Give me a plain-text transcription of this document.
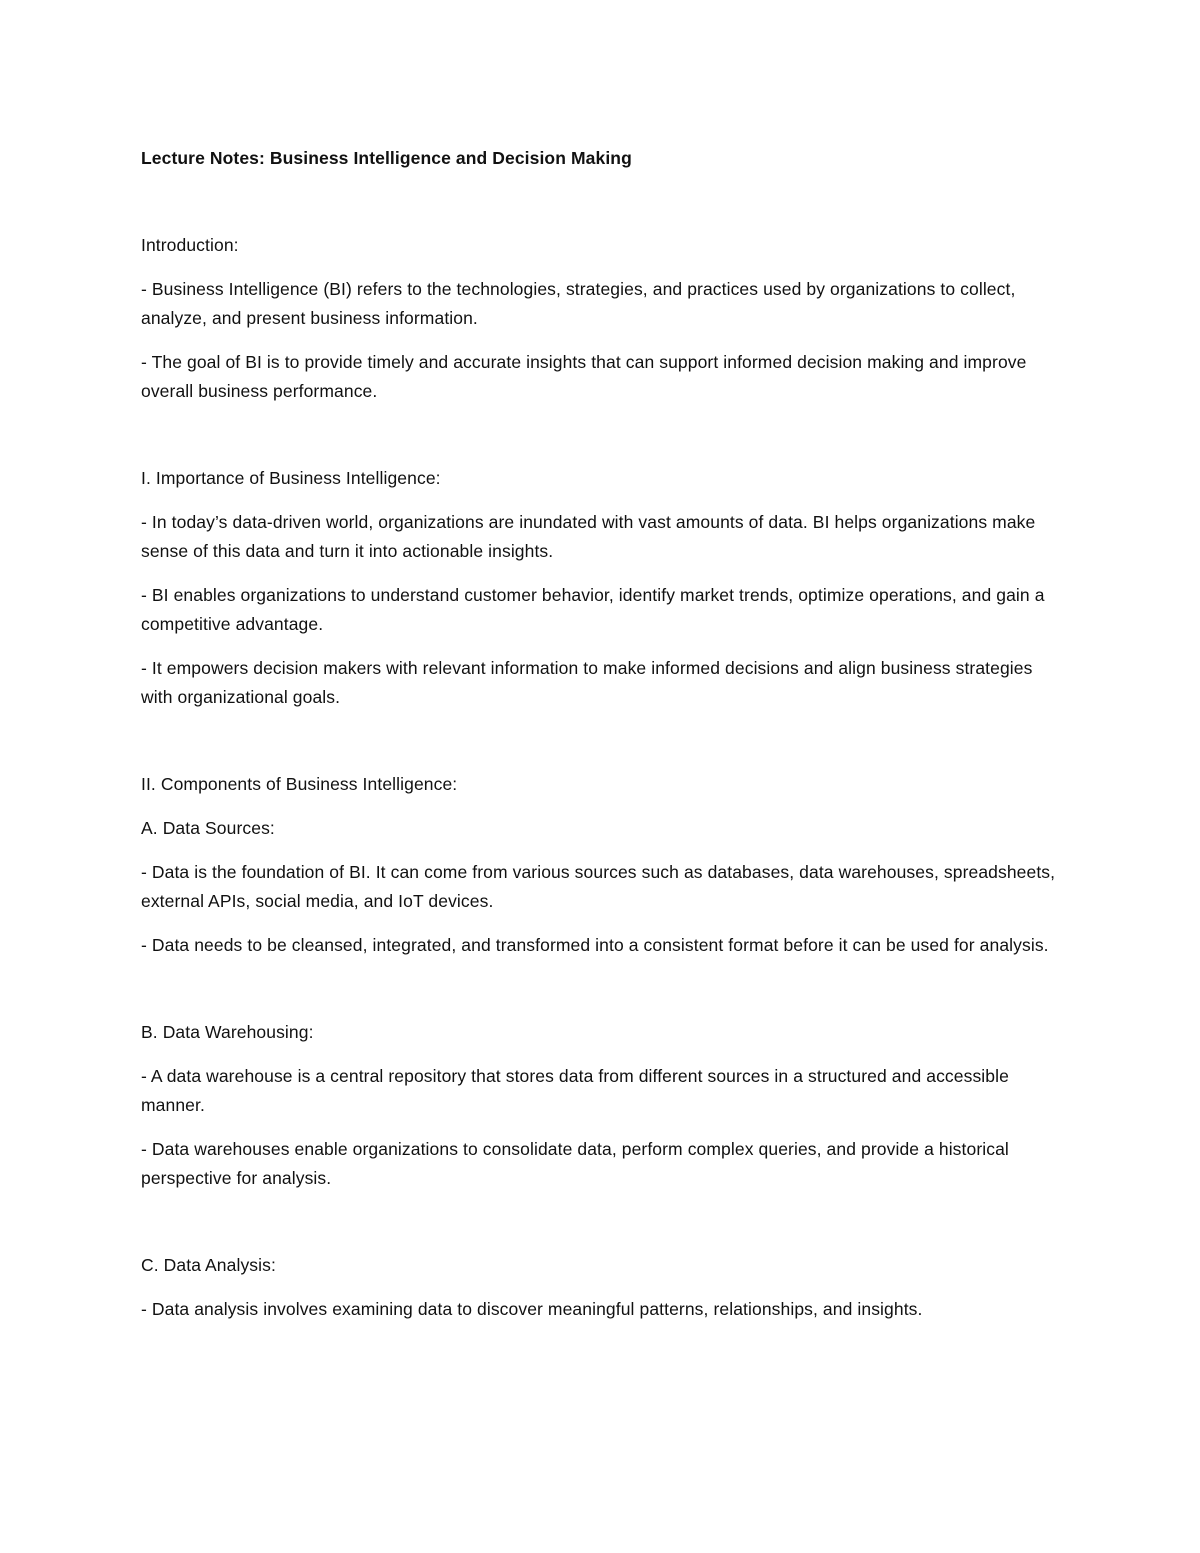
Lecture Notes: Business Intelligence and Decision Making

Introduction:

- Business Intelligence (BI) refers to the technologies, strategies, and practices used by organizations to collect, analyze, and present business information.

- The goal of BI is to provide timely and accurate insights that can support informed decision making and improve overall business performance.

I. Importance of Business Intelligence:

- In today’s data-driven world, organizations are inundated with vast amounts of data. BI helps organizations make sense of this data and turn it into actionable insights.

- BI enables organizations to understand customer behavior, identify market trends, optimize operations, and gain a competitive advantage.

- It empowers decision makers with relevant information to make informed decisions and align business strategies with organizational goals.

II. Components of Business Intelligence:

A. Data Sources:

- Data is the foundation of BI. It can come from various sources such as databases, data warehouses, spreadsheets, external APIs, social media, and IoT devices.

- Data needs to be cleansed, integrated, and transformed into a consistent format before it can be used for analysis.

B. Data Warehousing:

- A data warehouse is a central repository that stores data from different sources in a structured and accessible manner.

- Data warehouses enable organizations to consolidate data, perform complex queries, and provide a historical perspective for analysis.

C. Data Analysis:

- Data analysis involves examining data to discover meaningful patterns, relationships, and insights.
